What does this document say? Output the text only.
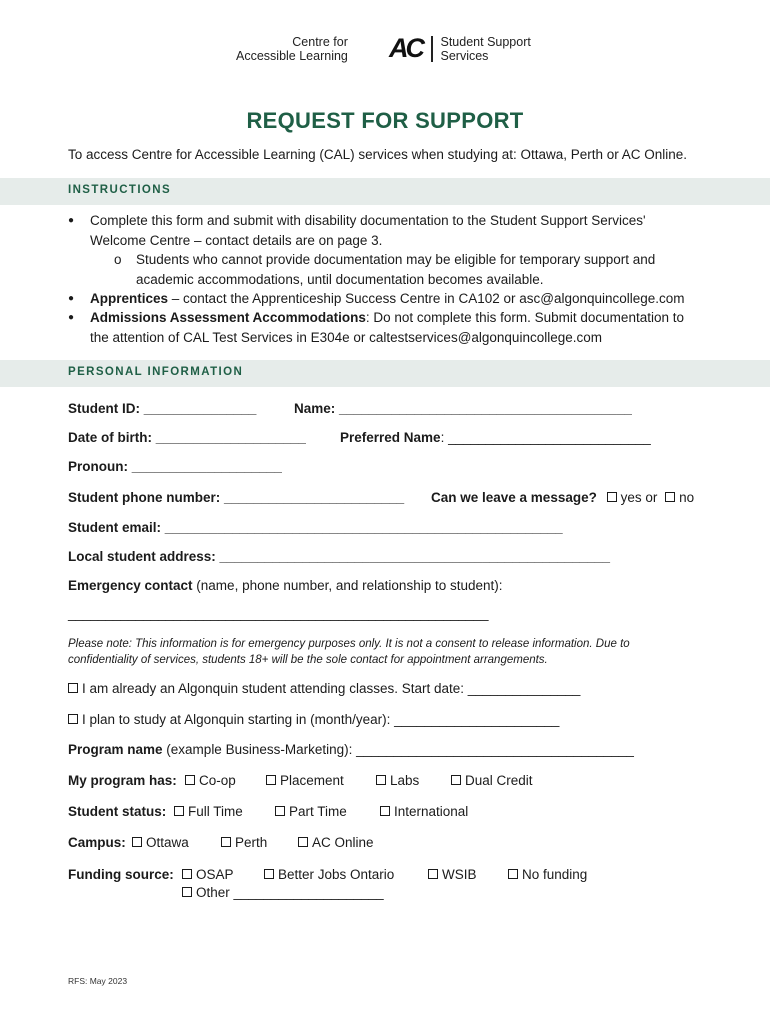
Centre for
Accessible Learning AC Student Support
Services
REQUEST FOR SUPPORT
To access Centre for Accessible Learning (CAL) services when studying at: Ottawa, Perth or AC Online.
INSTRUCTIONS
● Complete this form and submit with disability documentation to the Student Support Services'
Welcome Centre – contact details are on page 3.
o Students who cannot provide documentation may be eligible for temporary support and
academic accommodations, until documentation becomes available.
● Apprentices – contact the Apprenticeship Success Centre in CA102 or asc@algonquincollege.com
● Admissions Assessment Accommodations: Do not complete this form. Submit documentation to
the attention of CAL Test Services in E304e or caltestservices@algonquincollege.com
PERSONAL INFORMATION
Student ID: _______________	Name: _______________________________________
Date of birth: ____________________	Preferred Name: ___________________________
Pronoun: ____________________
Student phone number: ________________________ Can we leave a message? yes or no
Student email: _____________________________________________________
Local student address: ____________________________________________________
Emergency contact (name, phone number, and relationship to student):
________________________________________________________
Please note: This information is for emergency purposes only. It is not a consent to release information. Due to
confidentiality of services, students 18+ will be the sole contact for appointment arrangements.
I am already an Algonquin student attending classes. Start date: _______________
I plan to study at Algonquin starting in (month/year): ______________________
Program name (example Business-Marketing): _____________________________________
My program has:	Co-op	Placement	Labs	Dual Credit
Student status:	Full Time	Part Time	International
Campus:	Ottawa	Perth	AC Online
Funding source:	OSAP	Better Jobs Ontario	WSIB	No funding
Other ____________________
RFS: May 2023
